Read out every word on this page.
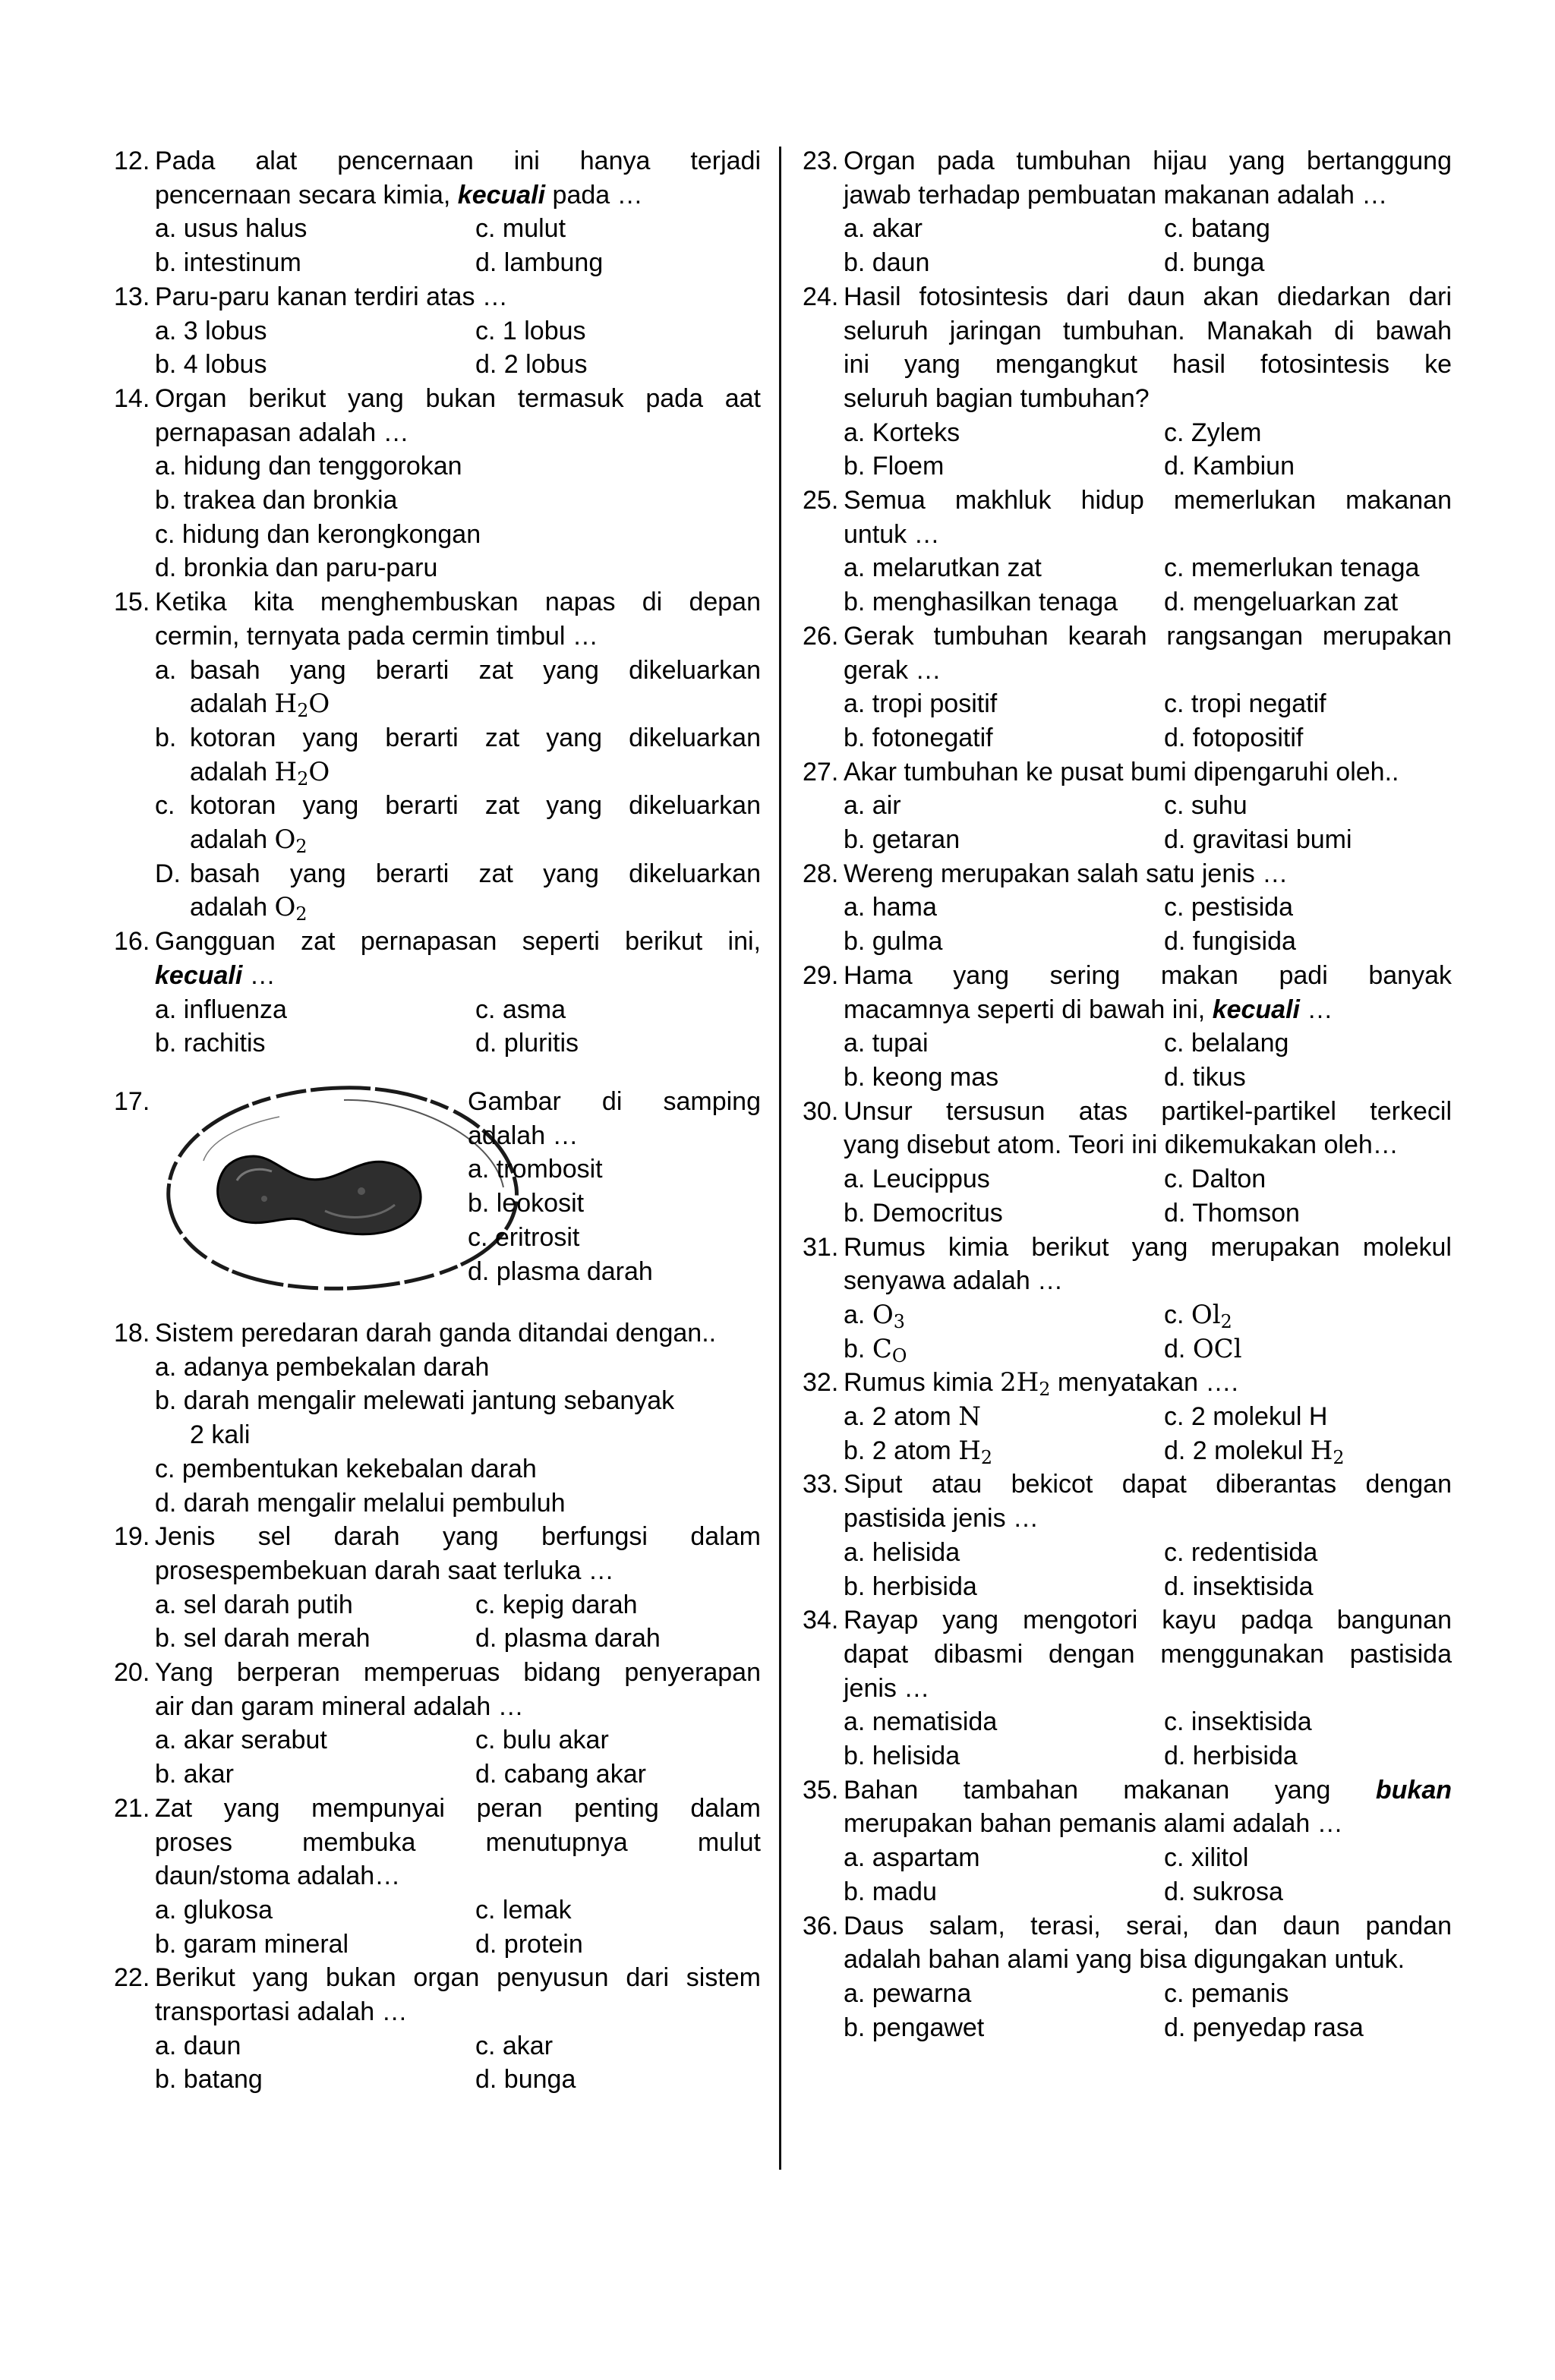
12. Pada alat pencernaan ini hanya terjadi
pencernaan secara kimia, kecuali pada …
a. usus halus	c. mulut
b. intestinum	d. lambung
13. Paru-paru kanan terdiri atas …
a. 3 lobus	c. 1 lobus
b. 4 lobus	d. 2 lobus
14. Organ berikut yang bukan termasuk pada aat
pernapasan adalah …
a. hidung dan tenggorokan
b. trakea dan bronkia
c. hidung dan kerongkongan
d. bronkia dan paru-paru
15. Ketika kita menghembuskan napas di depan
cermin, ternyata pada cermin timbul …
a. basah yang berarti zat yang dikeluarkan
adalah $H_2O$
b. kotoran yang berarti zat yang dikeluarkan
adalah $H_2O$
c. kotoran yang berarti zat yang dikeluarkan
adalah $O_2$
D. basah yang berarti zat yang dikeluarkan
adalah $O_2$
16. Gangguan zat pernapasan seperti berikut ini,
kecuali …
a. influenza	c. asma
b. rachitis	d. pluritis
17.	Gambar di samping
adalah …
a. trombosit
b. leokosit
c. eritrosit
d. plasma darah
18. Sistem peredaran darah ganda ditandai dengan..
a. adanya pembekalan darah
b. darah mengalir melewati jantung sebanyak
2 kali
c. pembentukan kekebalan darah
d. darah mengalir melalui pembuluh
19. Jenis sel darah yang berfungsi dalam
prosespembekuan darah saat terluka …
a. sel darah putih	c. kepig darah
b. sel darah merah	d. plasma darah
20. Yang berperan memperuas bidang penyerapan
air dan garam mineral adalah …
a. akar serabut	c. bulu akar
b. akar	d. cabang akar
21. Zat yang mempunyai peran penting dalam
proses membuka menutupnya mulut
daun/stoma adalah…
a. glukosa	c. lemak
b. garam mineral	d. protein
22. Berikut yang bukan organ penyusun dari sistem
transportasi adalah …
a. daun	c. akar
b. batang	d. bunga
23. Organ pada tumbuhan hijau yang bertanggung
jawab terhadap pembuatan makanan adalah …
a. akar	c. batang
b. daun	d. bunga
24. Hasil fotosintesis dari daun akan diedarkan dari
seluruh jaringan tumbuhan. Manakah di bawah
ini yang mengangkut hasil fotosintesis ke
seluruh bagian tumbuhan?
a. Korteks	c. Zylem
b. Floem	d. Kambiun
25. Semua makhluk hidup memerlukan makanan
untuk …
a. melarutkan zat	c. memerlukan tenaga
b. menghasilkan tenaga	d. mengeluarkan zat
26. Gerak tumbuhan kearah rangsangan merupakan
gerak …
a. tropi positif	c. tropi negatif
b. fotonegatif	d. fotopositif
27. Akar tumbuhan ke pusat bumi dipengaruhi oleh..
a. air	c. suhu
b. getaran	d. gravitasi bumi
28. Wereng merupakan salah satu jenis …
a. hama	c. pestisida
b. gulma	d. fungisida
29. Hama yang sering makan padi banyak
macamnya seperti di bawah ini, kecuali …
a. tupai	c. belalang
b. keong mas	d. tikus
30. Unsur tersusun atas partikel-partikel terkecil
yang disebut atom. Teori ini dikemukakan oleh…
a. Leucippus	c. Dalton
b. Democritus	d. Thomson
31. Rumus kimia berikut yang merupakan molekul
senyawa adalah …
a. $O_3$	c. $Ol_2$
b. $C_O$	d. OCl
32. Rumus kimia $2H_2$ menyatakan ….
a. 2 atom N	c. 2 molekul H
b. 2 atom $H_2$	d. 2 molekul $H_2$
33. Siput atau bekicot dapat diberantas dengan
pastisida jenis …
a. helisida	c. redentisida
b. herbisida	d. insektisida
34. Rayap yang mengotori kayu padqa bangunan
dapat dibasmi dengan menggunakan pastisida
jenis …
a. nematisida	c. insektisida
b. helisida	d. herbisida
35. Bahan tambahan makanan yang bukan
merupakan bahan pemanis alami adalah …
a. aspartam	c. xilitol
b. madu	d. sukrosa
36. Daus salam, terasi, serai, dan daun pandan
adalah bahan alami yang bisa digungakan untuk.
a. pewarna	c. pemanis
b. pengawet	d. penyedap rasa
